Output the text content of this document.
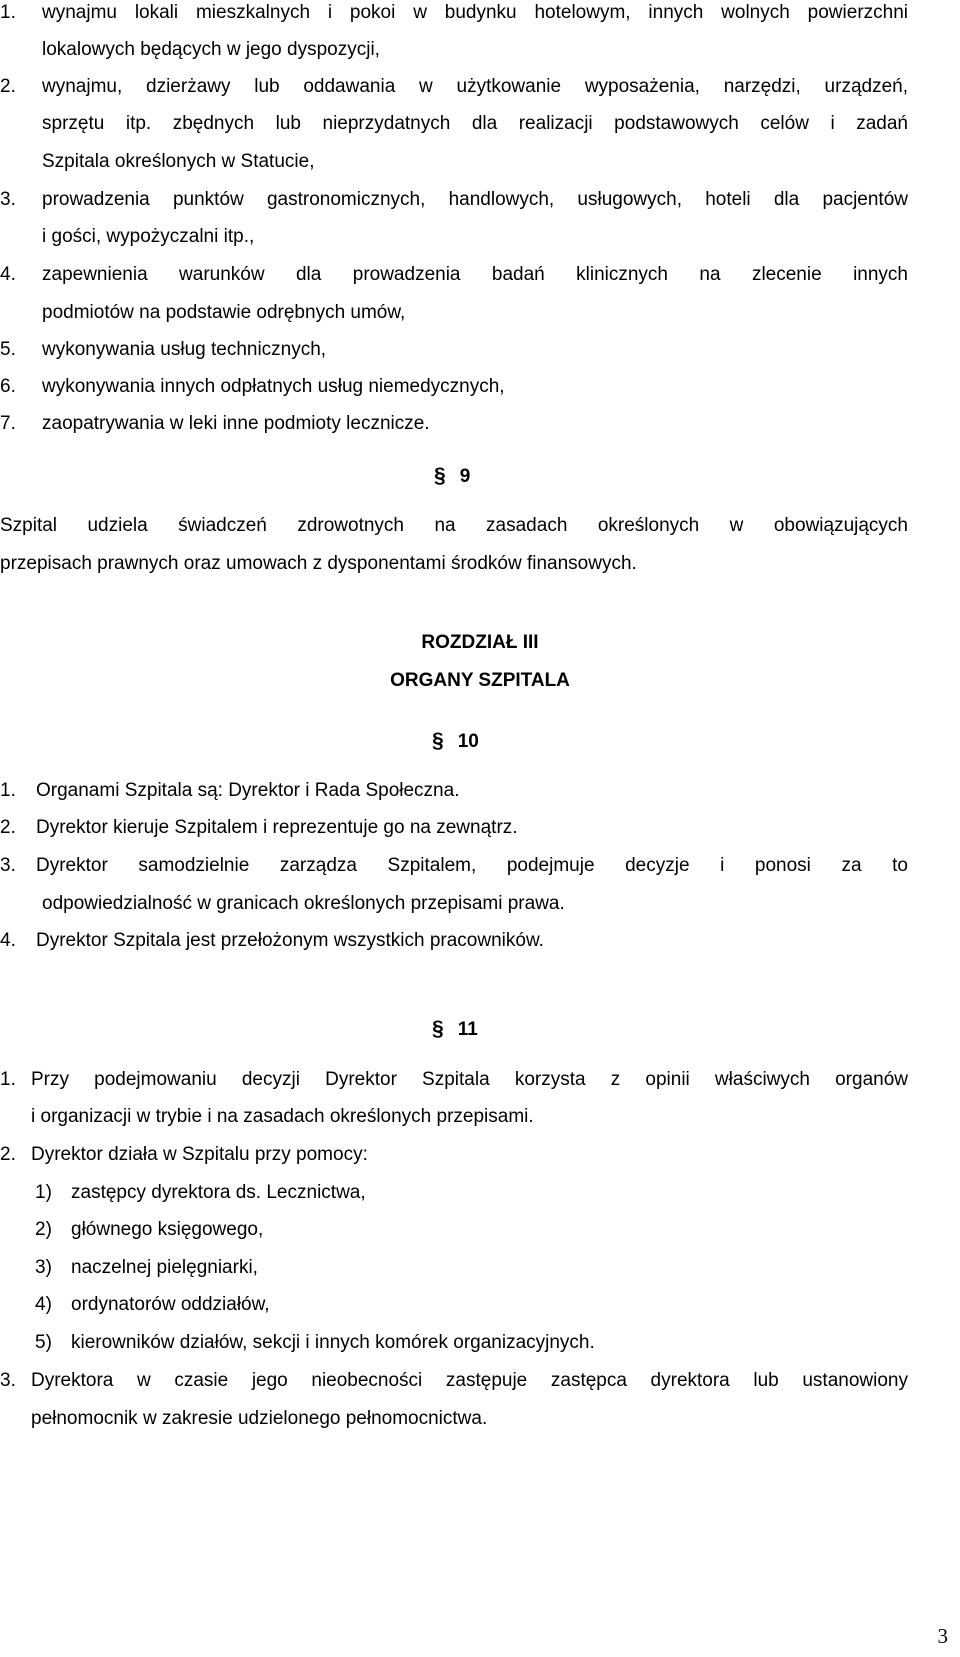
1. wynajmu lokali mieszkalnych i pokoi w budynku hotelowym, innych wolnych powierzchni
lokalowych będących w jego dyspozycji,
2. wynajmu, dzierżawy lub oddawania w użytkowanie wyposażenia, narzędzi, urządzeń,
sprzętu itp. zbędnych lub nieprzydatnych dla realizacji podstawowych celów i zadań
Szpitala określonych w Statucie,
3. prowadzenia punktów gastronomicznych, handlowych, usługowych, hoteli dla pacjentów
i gości, wypożyczalni itp.,
4. zapewnienia warunków dla prowadzenia badań klinicznych na zlecenie innych
podmiotów na podstawie odrębnych umów,
5. wykonywania usług technicznych,
6. wykonywania innych odpłatnych usług niemedycznych,
7. zaopatrywania w leki inne podmioty lecznicze.
§ 9
Szpital udziela świadczeń zdrowotnych na zasadach określonych w obowiązujących
przepisach prawnych oraz umowach z dysponentami środków finansowych.
ROZDZIAŁ III
ORGANY SZPITALA
§ 10
1. Organami Szpitala są: Dyrektor i Rada Społeczna.
2. Dyrektor kieruje Szpitalem i reprezentuje go na zewnątrz.
3. Dyrektor samodzielnie zarządza Szpitalem, podejmuje decyzje i ponosi za to
odpowiedzialność w granicach określonych przepisami prawa.
4. Dyrektor Szpitala jest przełożonym wszystkich pracowników.
§ 11
1. Przy podejmowaniu decyzji Dyrektor Szpitala korzysta z opinii właściwych organów
i organizacji w trybie i na zasadach określonych przepisami.
2. Dyrektor działa w Szpitalu przy pomocy:
1) zastępcy dyrektora ds. Lecznictwa,
2) głównego księgowego,
3) naczelnej pielęgniarki,
4) ordynatorów oddziałów,
5) kierowników działów, sekcji i innych komórek organizacyjnych.
3. Dyrektora w czasie jego nieobecności zastępuje zastępca dyrektora lub ustanowiony
pełnomocnik w zakresie udzielonego pełnomocnictwa.
3
